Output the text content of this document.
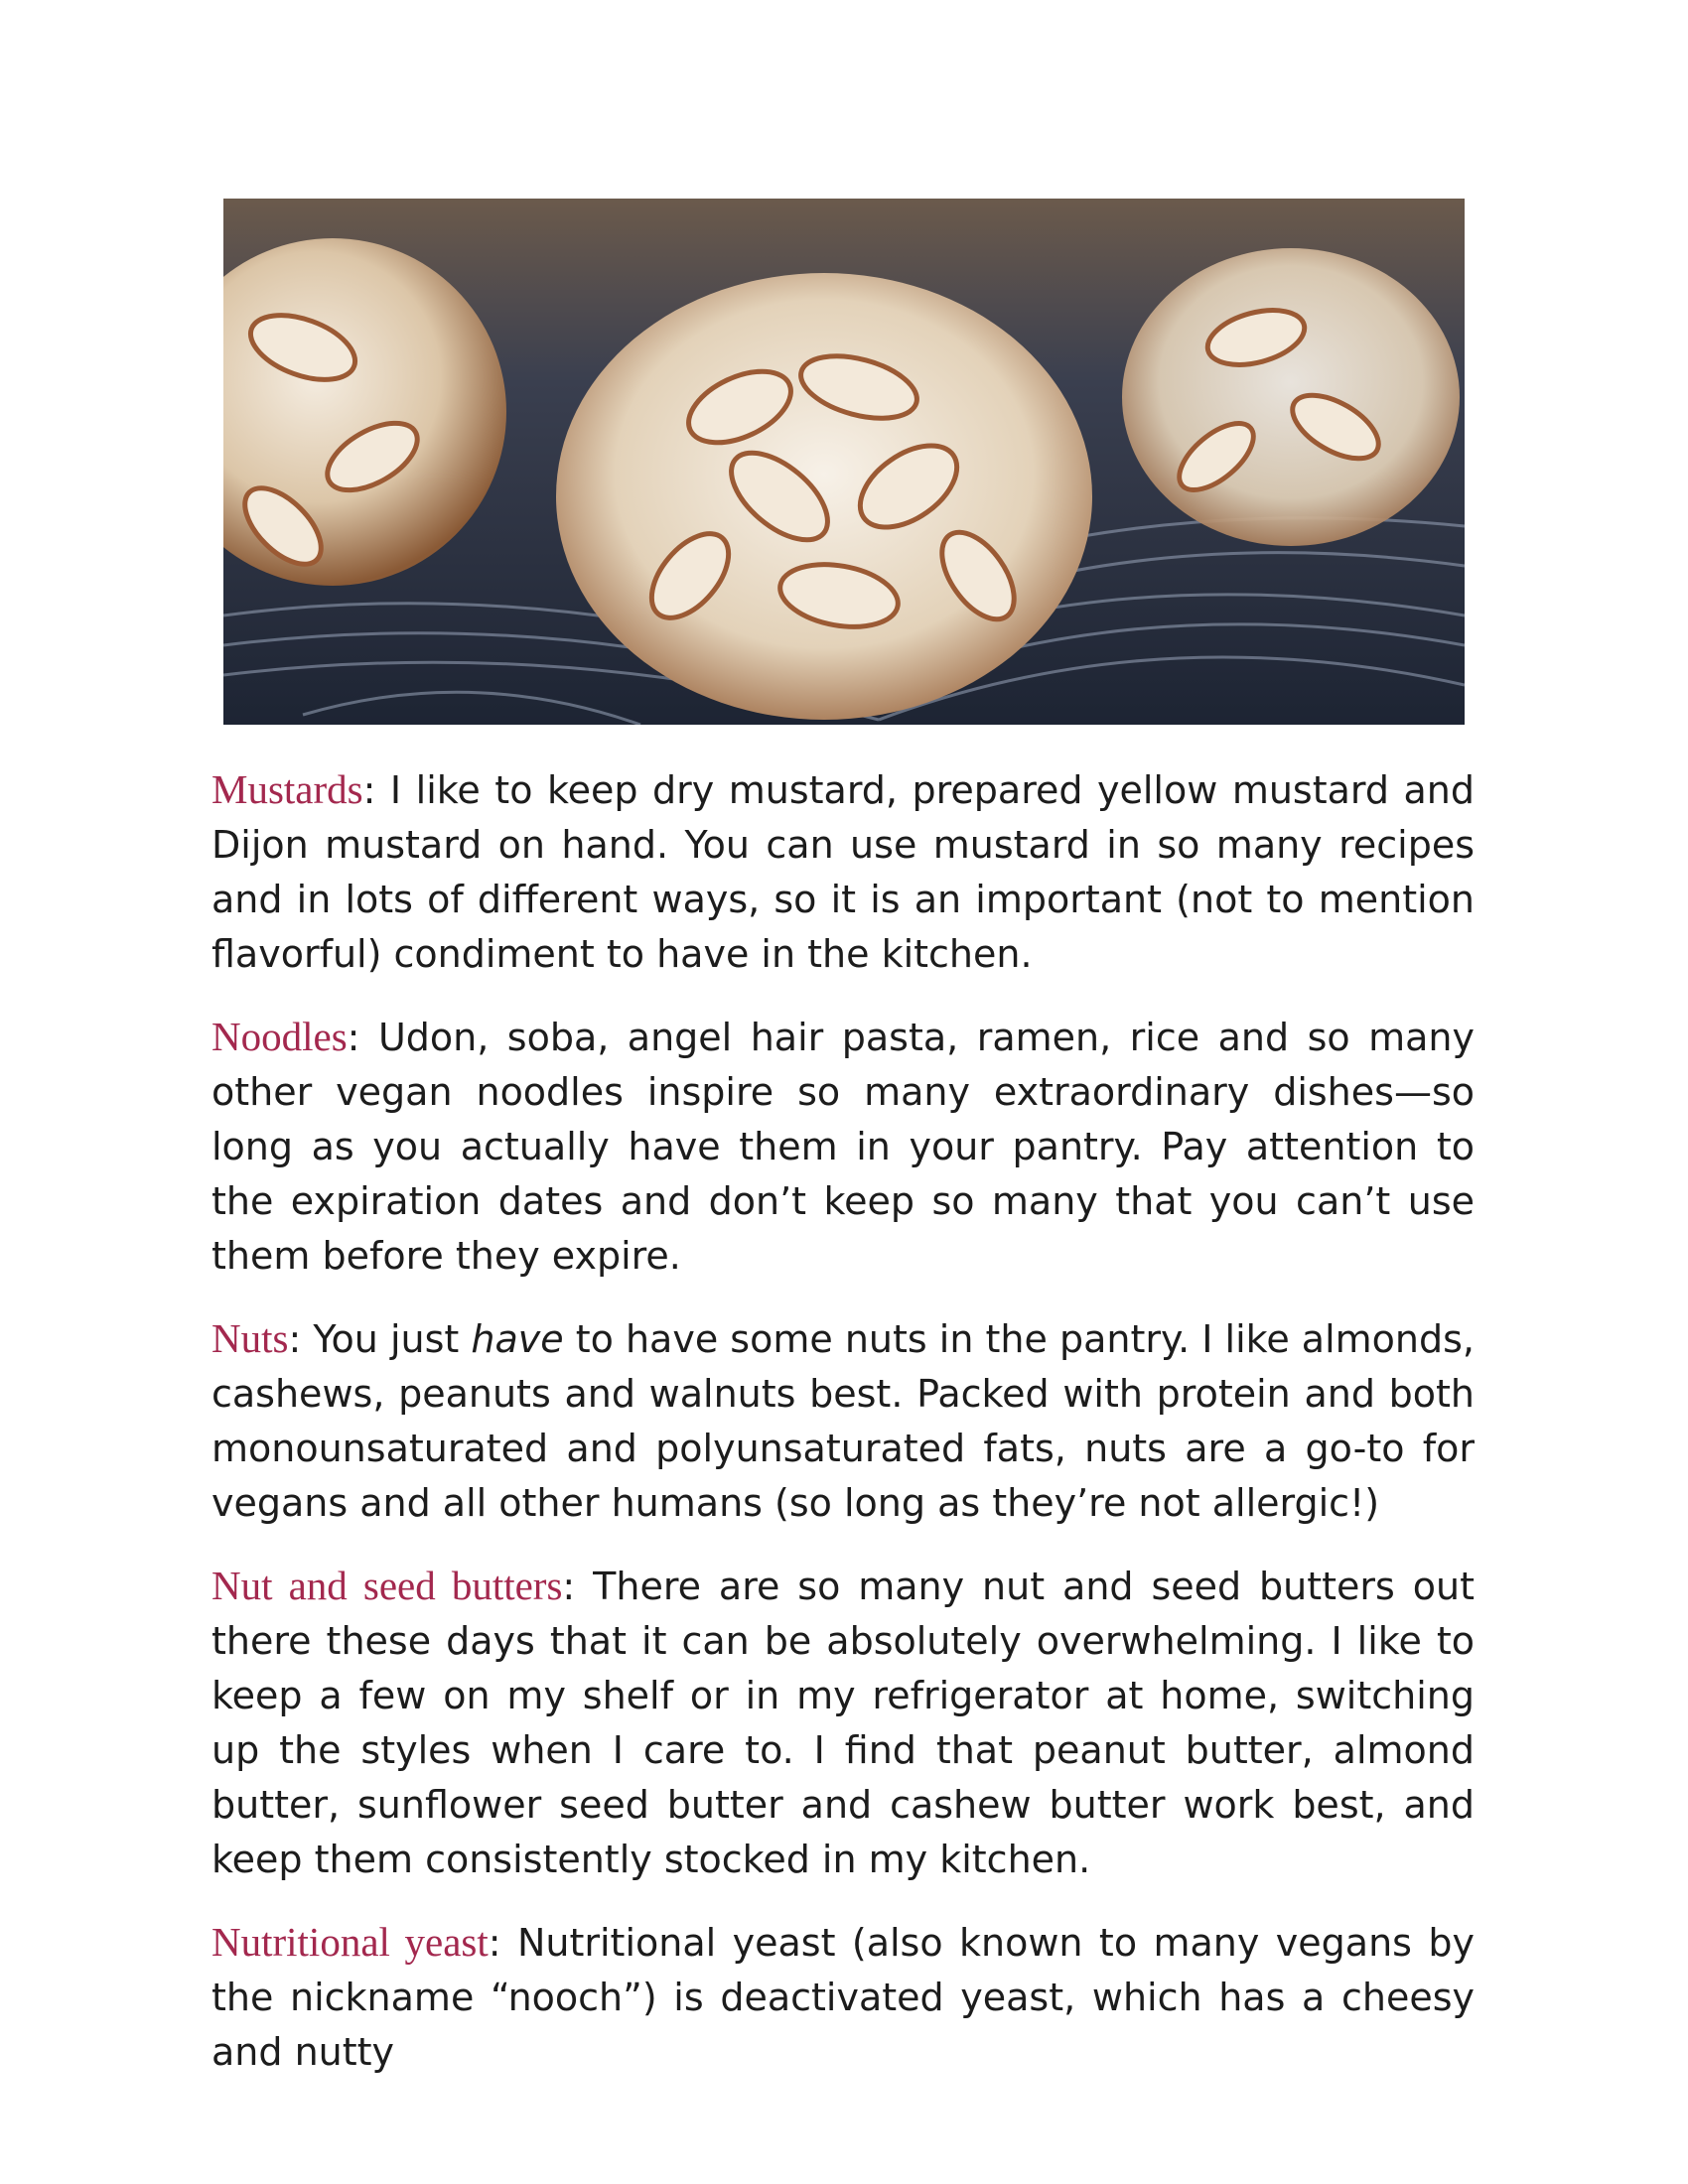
Mustards: I like to keep dry mustard, prepared yellow mustard and Dijon mustard on hand. You can use mustard in so many recipes and in lots of different ways, so it is an important (not to mention flavorful) condiment to have in the kitchen.

Noodles: Udon, soba, angel hair pasta, ramen, rice and so many other vegan noodles inspire so many extraordinary dishes—so long as you actually have them in your pantry. Pay attention to the expiration dates and don’t keep so many that you can’t use them before they expire.

Nuts: You just have to have some nuts in the pantry. I like almonds, cashews, peanuts and walnuts best. Packed with protein and both monounsaturated and polyunsaturated fats, nuts are a go-to for vegans and all other humans (so long as they’re not allergic!)

Nut and seed butters: There are so many nut and seed butters out there these days that it can be absolutely overwhelming. I like to keep a few on my shelf or in my refrigerator at home, switching up the styles when I care to. I find that peanut butter, almond butter, sunflower seed butter and cashew butter work best, and keep them consistently stocked in my kitchen.

Nutritional yeast: Nutritional yeast (also known to many vegans by the nickname “nooch”) is deactivated yeast, which has a cheesy and nutty
